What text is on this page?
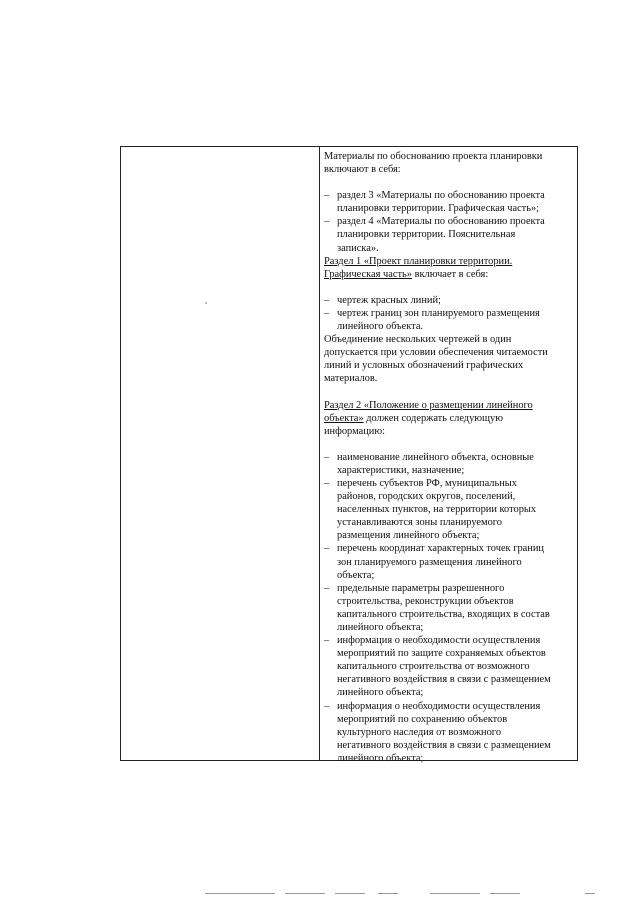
Материалы по обоснованию проекта планировки

включают в себя:

– раздел 3 «Материалы по обоснованию проекта
планировки территории. Графическая часть»;
– раздел 4 «Материалы по обоснованию проекта
планировки территории. Пояснительная
записка».

Раздел 1 «Проект планировки территории.

Графическая часть» включает в себя:

– чертеж красных линий;
– чертеж границ зон планируемого размещения
линейного объекта.

Объединение нескольких чертежей в один

допускается при условии обеспечения читаемости

линий и условных обозначений графических

материалов.

Раздел 2 «Положение о размещении линейного

объекта» должен содержать следующую

информацию:

– наименование линейного объекта, основные
характеристики, назначение;
– перечень субъектов РФ, муниципальных
районов, городских округов, поселений,
населенных пунктов, на территории которых
устанавливаются зоны планируемого
размещения линейного объекта;
– перечень координат характерных точек границ
зон планируемого размещения линейного
объекта;
– предельные параметры разрешенного
строительства, реконструкции объектов
капитального строительства, входящих в состав
линейного объекта;
– информация о необходимости осуществления
мероприятий по защите сохраняемых объектов
капитального строительства от возможного
негативного воздействия в связи с размещением
линейного объекта;
– информация о необходимости осуществления
мероприятий по сохранению объектов
культурного наследия от возможного
негативного воздействия в связи с размещением
линейного объекта;
